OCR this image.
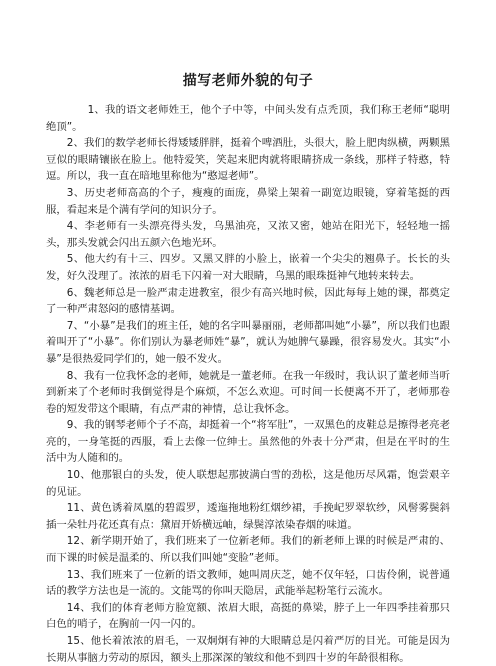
描写老师外貌的句子

1、我的语文老师姓王，他个子中等，中间头发有点秃顶，我们称王老师“聪明绝顶”。

2、我们的数学老师长得矮矮胖胖，挺着个啤酒肚，头很大，脸上肥肉纵横，两颗黑豆似的眼睛镶嵌在脸上。他特爱笑，笑起来肥肉就将眼睛挤成一条线，那样子特憨，特逗。所以，我一直在暗地里称他为“憨逗老师”。

3、历史老师高高的个子，瘦瘦的面庞，鼻梁上架着一副宽边眼镜，穿着笔挺的西服，看起来是个满有学问的知识分子。

4、李老师有一头漂亮得头发，乌黑油亮，又浓又密，她站在阳光下，轻轻地一摇头，那头发就会闪出五颜六色地光环。

5、他大约有十三、四岁。又黑又胖的小脸上，嵌着一个尖尖的翘鼻子。长长的头发，好久没理了。浓浓的眉毛下闪着一对大眼睛，乌黑的眼珠挺神气地转来转去。

6、魏老师总是一脸严肃走进教室，很少有高兴地时候，因此每每上她的课，都奠定了一种严肃怒闷的感情基调。

7、“小暴”是我们的班主任，她的名字叫暴丽丽，老师都叫她“小暴”，所以我们也跟着叫开了“小暴”。你们别认为暴老师姓“暴”，就认为她脾气暴躁，很容易发火。其实“小暴”是很热爱同学们的，她一般不发火。

8、我有一位我怀念的老师，她就是一董老师。在我一年级时，我认识了董老师当听到新来了个老师时我倒觉得是个麻烦，不怎么欢迎。可时间一长便离不开了，老师那卷卷的短发带这个眼睛，有点严肃的神情，总让我怀念。

9、我的钢琴老师个子不高，却挺着一个“将军肚”，一双黑色的皮鞋总是擦得老亮老亮的，一身笔挺的西服，看上去像一位绅士。虽然他的外表十分严肃，但是在平时的生活中为人随和的。

10、他那银白的头发，使人联想起那披满白雪的劲松，这是他历尽风霜，饱尝艰辛的见证。

11、黄色诱着凤凰的碧霞罗，逶迤拖地粉红烟纱裙，手挽屺罗翠软纱，风髻雾鬓斜插一朵牡丹花还真有点：黛眉开娇横远岫，绿鬓淳浓染春烟的味道。

12、新学期开始了，我们班来了一位新老师。我们的新老师上课的时候是严肃的、而下课的时候是温柔的、所以我们叫她“变脸”老师。

13、我们班来了一位新的语文教师，她叫周庆芝，她不仅年轻，口齿伶俐，说普通话的教学方法也是一流的。文能骂的你叫天隐居，武能举起粉笔行云流水。

14、我们的体育老师方脸宽额、浓眉大眼，高挺的鼻梁，脖子上一年四季挂着那只白色的哨子，在胸前一闪一闪的。

15、他长着浓浓的眉毛，一双炯炯有神的大眼睛总是闪着严厉的目光。可能是因为长期从事脑力劳动的原因，额头上那深深的皱纹和他不到四十岁的年龄很相称。
